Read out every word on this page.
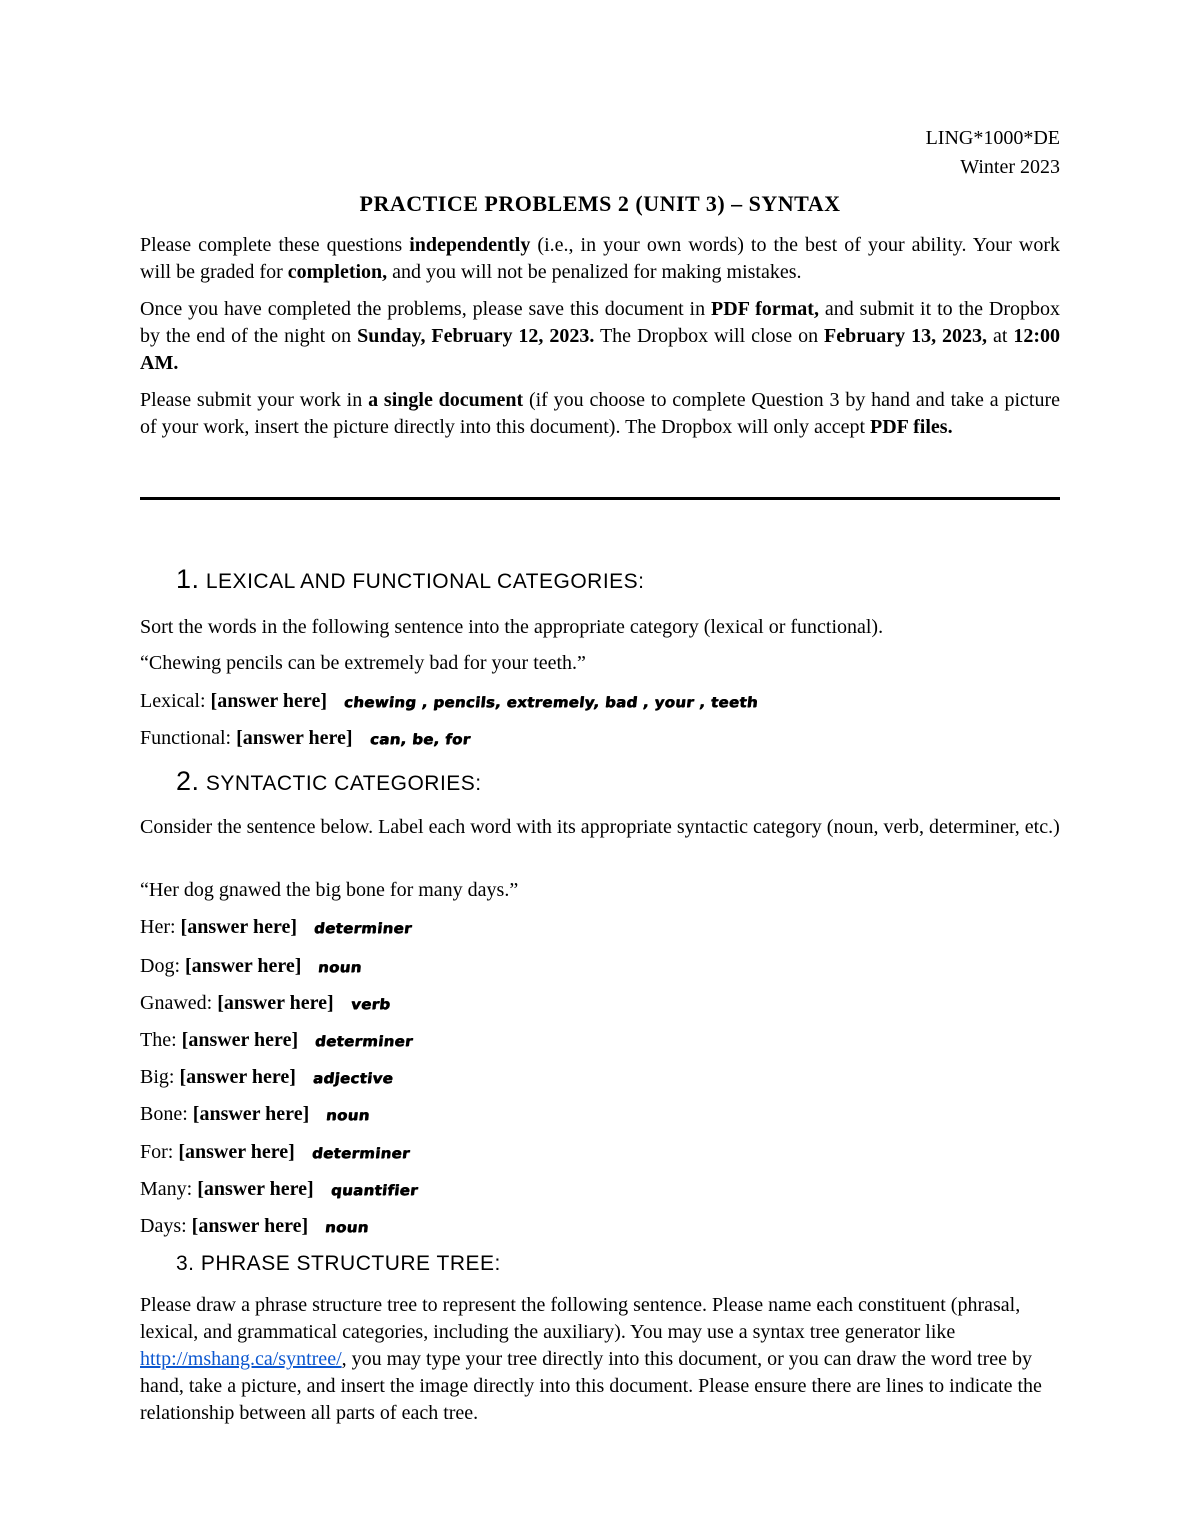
LING*1000*DE
Winter 2023
PRACTICE PROBLEMS 2 (UNIT 3) – SYNTAX

Please complete these questions independently (i.e., in your own words) to the best of your ability. Your work will be graded for completion, and you will not be penalized for making mistakes.

Once you have completed the problems, please save this document in PDF format, and submit it to the Dropbox by the end of the night on Sunday, February 12, 2023. The Dropbox will close on February 13, 2023, at 12:00 AM.

Please submit your work in a single document (if you choose to complete Question 3 by hand and take a picture of your work, insert the picture directly into this document). The Dropbox will only accept PDF files.

1. LEXICAL AND FUNCTIONAL CATEGORIES:
Sort the words in the following sentence into the appropriate category (lexical or functional).
“Chewing pencils can be extremely bad for your teeth.”
Lexical: [answer here] chewing , pencils, extremely, bad , your , teeth
Functional: [answer here] can, be, for
2. SYNTACTIC CATEGORIES:
Consider the sentence below. Label each word with its appropriate syntactic category (noun, verb, determiner, etc.)
“Her dog gnawed the big bone for many days.”
Her: [answer here] determiner
Dog: [answer here] noun
Gnawed: [answer here] verb
The: [answer here] determiner
Big: [answer here] adjective
Bone: [answer here] noun
For: [answer here] determiner
Many: [answer here] quantifier
Days: [answer here] noun
3. PHRASE STRUCTURE TREE:
Please draw a phrase structure tree to represent the following sentence. Please name each constituent (phrasal, lexical, and grammatical categories, including the auxiliary). You may use a syntax tree generator like http://mshang.ca/syntree/, you may type your tree directly into this document, or you can draw the word tree by hand, take a picture, and insert the image directly into this document. Please ensure there are lines to indicate the relationship between all parts of each tree.
